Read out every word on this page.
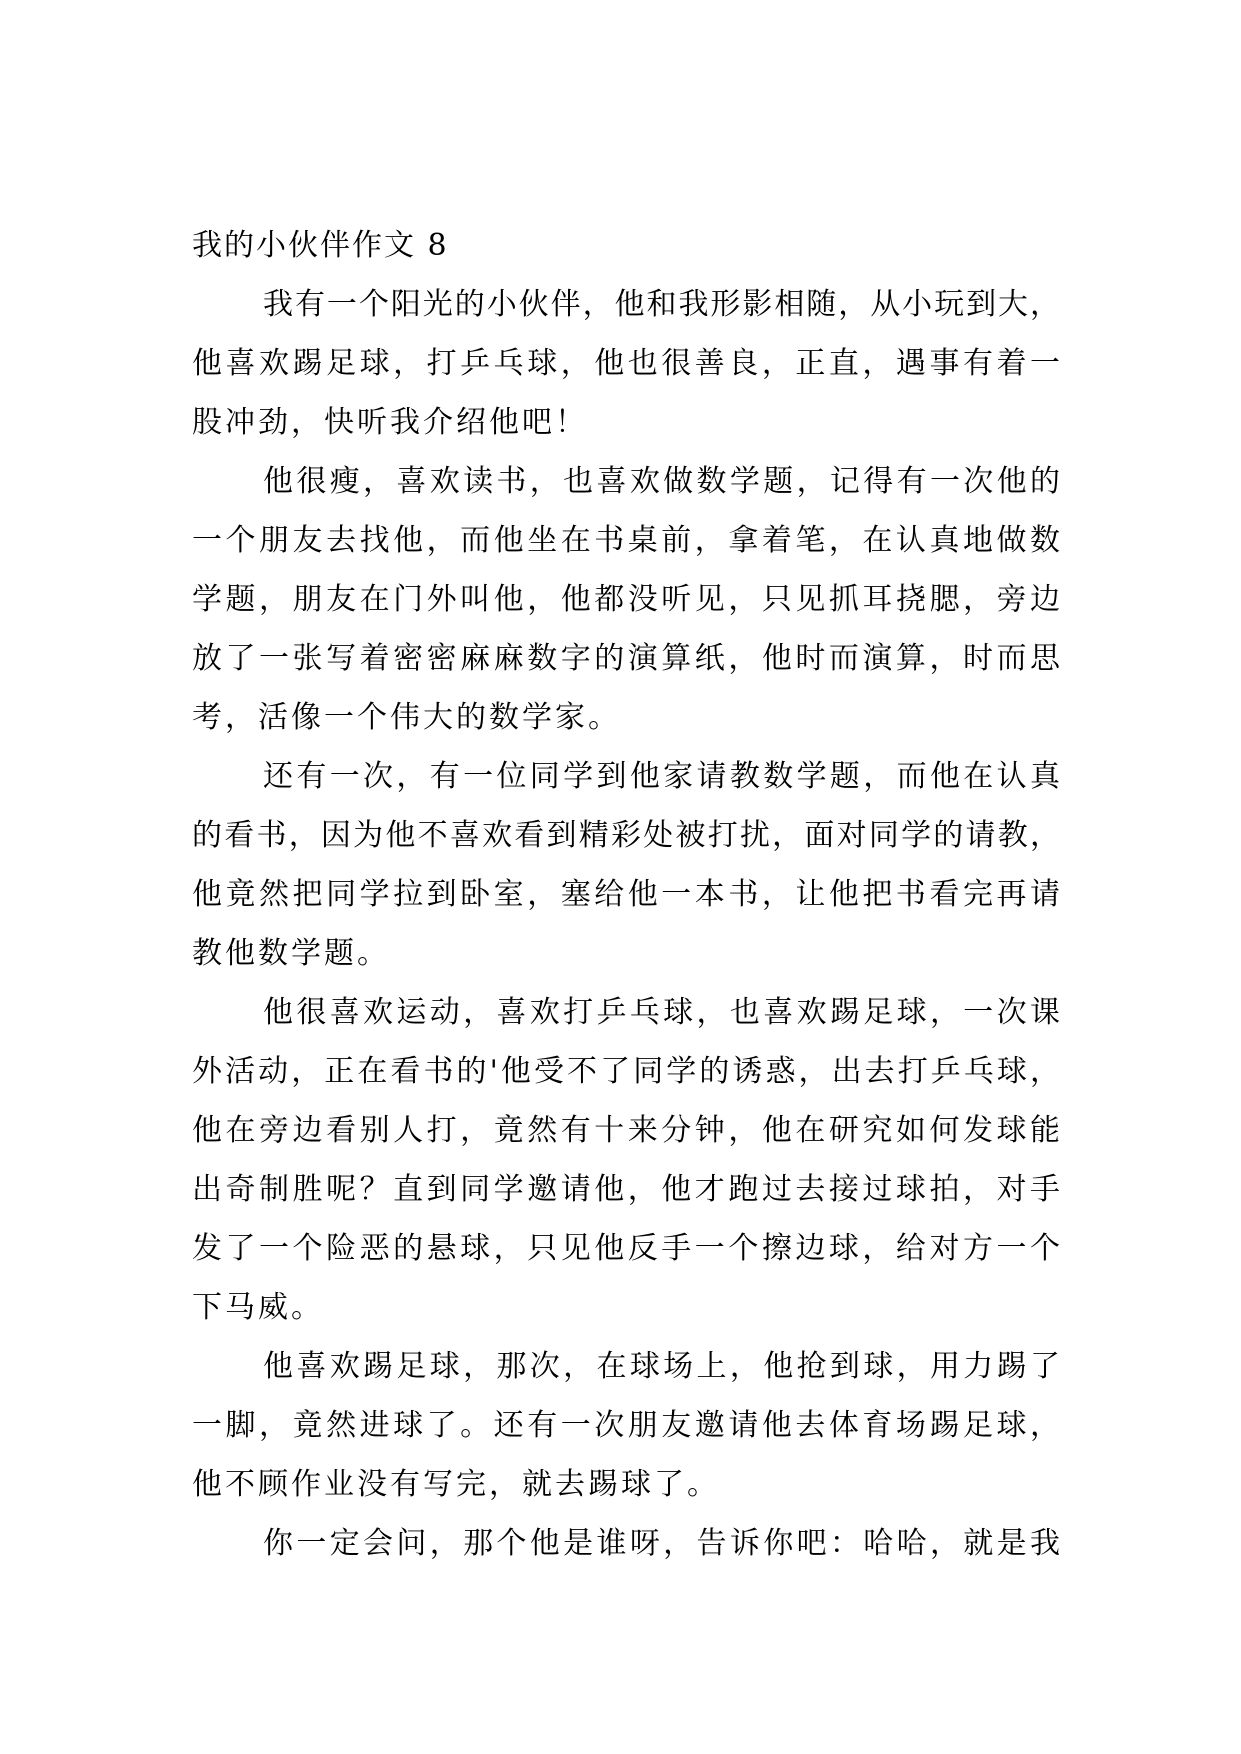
我的小伙伴作文 8
我有一个阳光的小伙伴，他和我形影相随，从小玩到大，
他喜欢踢足球，打乒乓球，他也很善良，正直，遇事有着一
股冲劲，快听我介绍他吧！
他很瘦，喜欢读书，也喜欢做数学题，记得有一次他的
一个朋友去找他，而他坐在书桌前，拿着笔，在认真地做数
学题，朋友在门外叫他，他都没听见，只见抓耳挠腮，旁边
放了一张写着密密麻麻数字的演算纸，他时而演算，时而思
考，活像一个伟大的数学家。
还有一次，有一位同学到他家请教数学题，而他在认真
的看书，因为他不喜欢看到精彩处被打扰，面对同学的请教，
他竟然把同学拉到卧室，塞给他一本书，让他把书看完再请
教他数学题。
他很喜欢运动，喜欢打乒乓球，也喜欢踢足球，一次课
外活动，正在看书的'他受不了同学的诱惑，出去打乒乓球，
他在旁边看别人打，竟然有十来分钟，他在研究如何发球能
出奇制胜呢？直到同学邀请他，他才跑过去接过球拍，对手
发了一个险恶的悬球，只见他反手一个擦边球，给对方一个
下马威。
他喜欢踢足球，那次，在球场上，他抢到球，用力踢了
一脚，竟然进球了。还有一次朋友邀请他去体育场踢足球，
他不顾作业没有写完，就去踢球了。
你一定会问，那个他是谁呀，告诉你吧：哈哈，就是我
